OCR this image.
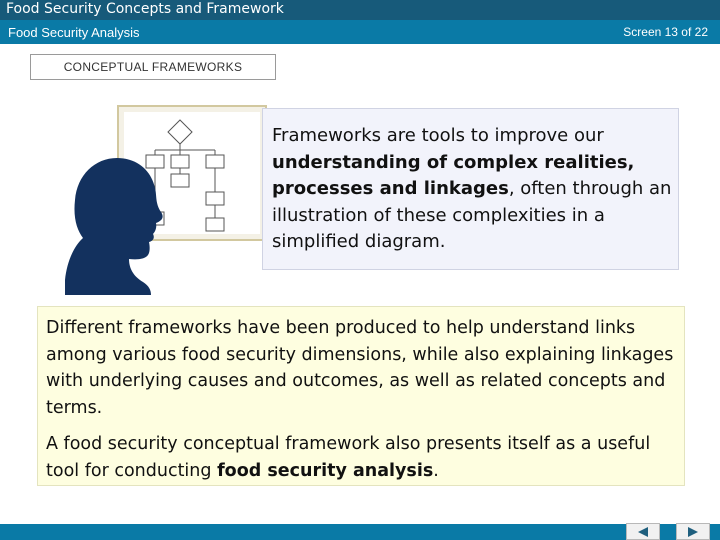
Food Security Concepts and Framework
Food Security Analysis	Screen 13 of 22
CONCEPTUAL FRAMEWORKS
Frameworks are tools to improve our understanding of complex realities, processes and linkages, often through an illustration of these complexities in a simplified diagram.
Different frameworks have been produced to help understand links among various food security dimensions, while also explaining linkages with underlying causes and outcomes, as well as related concepts and terms.
A food security conceptual framework also presents itself as a useful tool for conducting food security analysis.
